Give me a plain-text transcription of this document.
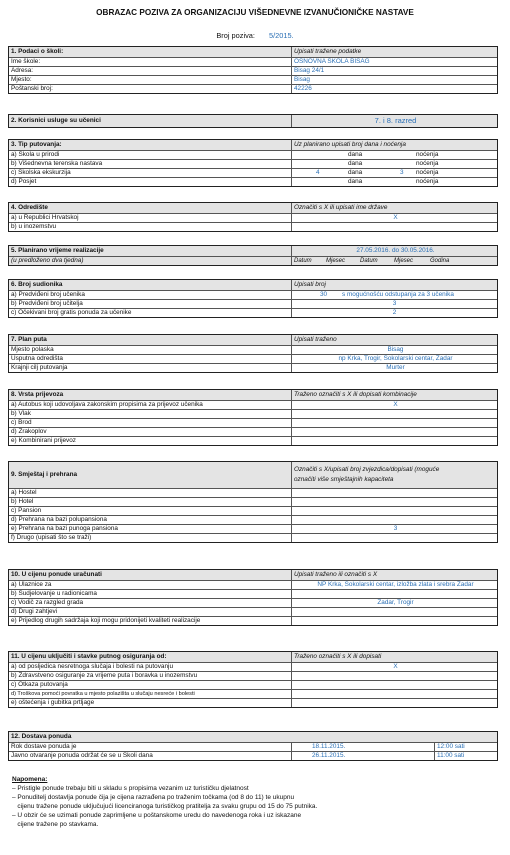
OBRAZAC POZIVA ZA ORGANIZACIJU VIŠEDNEVNE IZVANUČIONIČKE NASTAVE
Broj poziva: 5/2015.
1. Podaci o školi:	Upisati tražene podatke
Ime škole:	OSNOVNA ŠKOLA BISAG
Adresa:	Bisag 24/1
Mjesto:	Bisag
Poštanski broj:	42226
2. Korisnici usluge su učenici	7. i 8. razred
3. Tip putovanja:	Uz planirano upisati broj dana i noćenja
a) Škola u prirodi	dana	noćenja
b) Višednevna terenska nastava	dana	noćenja
c) Školska ekskurzija	4	dana	3 noćenja
d) Posjet	dana	noćenja
4. Odredište	Označiti s X ili upisati ime države
a) u Republici Hrvatskoj	X
b) u inozemstvu
5. Planirano vrijeme realizacije	27.05.2016. do 30.05.2016.
(u predloženo dva tjedna)	Datum Mjesec Datum	Mjesec	Godina
6. Broj sudionika	Upisati broj
a) Predviđeni broj učenika	30 s mogućnošću odstupanja za 3 učenika
b) Predviđeni broj učitelja	3
c) Očekivani broj gratis ponuda za učenike	2
7. Plan puta	Upisati traženo
Mjesto polaska	Bisag
Usputna odredišta	np Krka, Trogir, Sokolarski centar, Zadar
Krajnji cilj putovanja	Murter
8. Vrsta prijevoza	Traženo označiti s X ili dopisati kombinacije
a) Autobus koji udovoljava zakonskim propisima za prijevoz učenika	X
b) Vlak
c) Brod
d) Zrakoplov
e) Kombinirani prijevoz
9. Smještaj i prehrana
Označiti s X/upisati broj zvjezdica/dopisati (moguće
označiti više smještajnih kapaciteta
a) Hostel
b) Hotel
c) Pansion
d) Prehrana na bazi polupansiona
e) Prehrana na bazi punoga pansiona	3
f) Drugo (upisati što se traži)
10. U cijenu ponude uračunati	Upisati traženo ili označiti s X
a) Ulaznice za	NP Krka, Sokolarski centar, izložba zlata i srebra Zadar
b) Sudjelovanje u radionicama
c) Vodič za razgled grada	Zadar, Trogir
d) Drugi zahtjevi
e) Prijedlog drugih sadržaja koji mogu pridonijeti kvaliteti realizacije
11. U cijenu uključiti i stavke putnog osiguranja od:	Traženo označiti s X ili dopisati
a) od posljedica nesretnoga slučaja i bolesti na putovanju	X
b) Zdravstveno osiguranje za vrijeme puta i boravka u inozemstvu
c) Otkaza putovanja
d) Troškova pomoći povratka u mjesto polazišta u slučaju nesreće i bolesti
e) oštećenja i gubitka prtljage
12. Dostava ponuda
Rok dostave ponuda je	18.11.2015.	12:00 sati
Javno otvaranje ponuda održat će se u Školi dana	26.11.2015.	11:00 sati
Napomena:
– Pristigle ponude trebaju biti u skladu s propisima vezanim uz turističku djelatnost
– Ponuditelj dostavlja ponude čija je cijena razrađena po traženim točkama (od 8 do 11) te ukupnu
cijenu tražene ponude uključujući licenciranoga turističkog pratitelja za svaku grupu od 15 do 75 putnika.
– U obzir će se uzimati ponude zaprimljene u poštanskome uredu do navedenoga roka i uz iskazane
cijene tražene po stavkama.
